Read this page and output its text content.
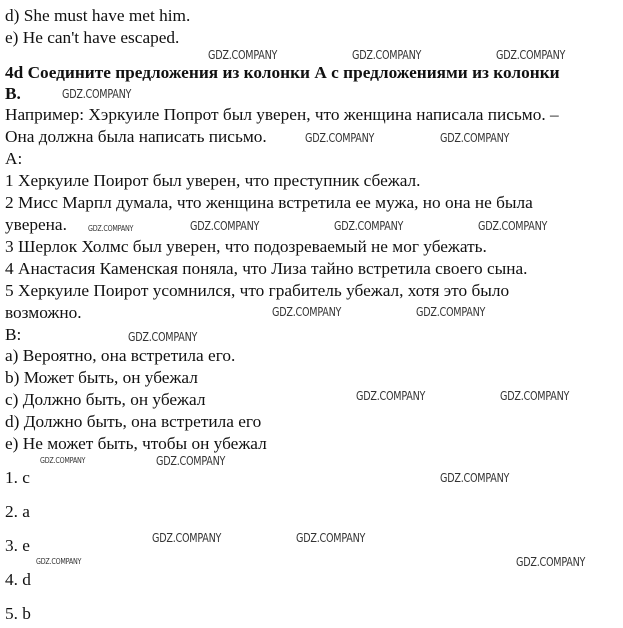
d) She must have met him.
e) He can't have escaped.
4d Соедините предложения из колонки А с предложениями из колонки
В.
Например: Хэркуиле Попрот был уверен, что женщина написала письмо. –
Она должна была написать письмо.
А:
1 Херкуиле Поирот был уверен, что преступник сбежал.
2 Мисс Марпл думала, что женщина встретила ее мужа, но она не была
уверена.
3 Шерлок Холмс был уверен, что подозреваемый не мог убежать.
4 Анастасия Каменская поняла, что Лиза тайно встретила своего сына.
5 Херкуиле Поирот усомнился, что грабитель убежал, хотя это было
возможно.
В:
a) Вероятно, она встретила его.
b) Может быть, он убежал
c) Должно быть, он убежал
d) Должно быть, она встретила его
e) Не может быть, чтобы он убежал
1. c
2. a
3. e
4. d
5. b
GDZ.COMPANY	GDZ.COMPANY	GDZ.COMPANY
GDZ.COMPANY
GDZ.COMPANY	GDZ.COMPANY
GDZ.COMPANY	GDZ.COMPANY	GDZ.COMPANY	GDZ.COMPANY
GDZ.COMPANY	GDZ.COMPANY
GDZ.COMPANY
GDZ.COMPANY	GDZ.COMPANY
GDZ.COMPANY	GDZ.COMPANY
GDZ.COMPANY
GDZ.COMPANY	GDZ.COMPANY
GDZ.COMPANY	GDZ.COMPANY
